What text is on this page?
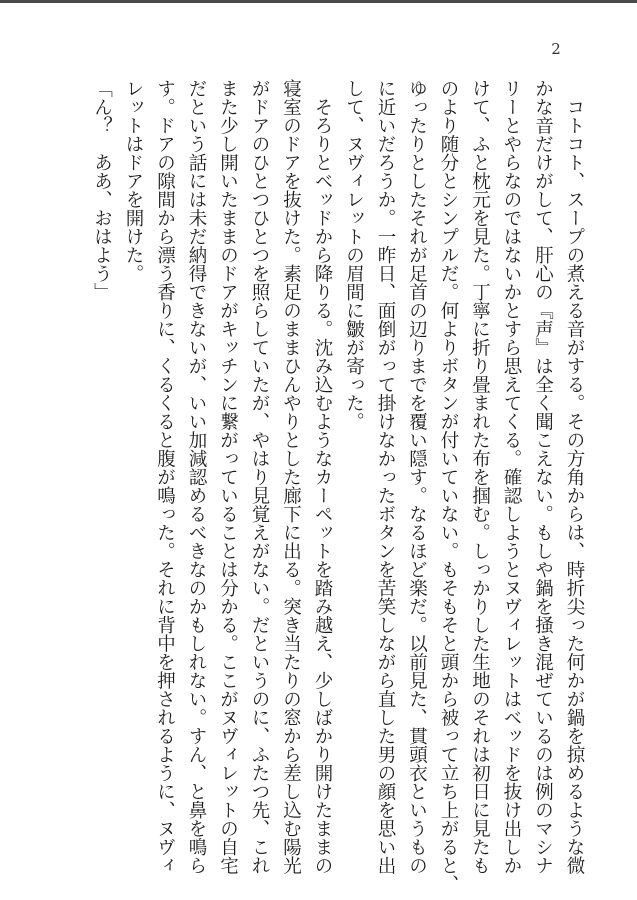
2
　コトコト、スープの煮える音がする。その方角からは、時折尖った何かが鍋を掠めるような微
かな音だけがして、肝心の『声』は全く聞こえない。もしや鍋を掻き混ぜているのは例のマシナ
リーとやらなのではないかとすら思えてくる。確認しようとヌヴィレットはベッドを抜け出しか
けて、ふと枕元を見た。丁寧に折り畳まれた布を掴む。しっかりした生地のそれは初日に見たも
のより随分とシンプルだ。何よりボタンが付いていない。もそもそと頭から被って立ち上がると、
ゆったりとしたそれが足首の辺りまでを覆い隠す。なるほど楽だ。以前見た、貫頭衣というもの
に近いだろうか。一昨日、面倒がって掛けなかったボタンを苦笑しながら直した男の顔を思い出
して、ヌヴィレットの眉間に皺が寄った。
　そろりとベッドから降りる。沈み込むようなカーペットを踏み越え、少しばかり開けたままの
寝室のドアを抜けた。素足のままひんやりとした廊下に出る。突き当たりの窓から差し込む陽光
がドアのひとつひとつを照らしていたが、やはり見覚えがない。だというのに、ふたつ先、これ
また少し開いたままのドアがキッチンに繋がっていることは分かる。ここがヌヴィレットの自宅
だという話には未だ納得できないが、いい加減認めるべきなのかもしれない。すん、と鼻を鳴ら
す。ドアの隙間から漂う香りに、くるくると腹が鳴った。それに背中を押されるように、ヌヴィ
レットはドアを開けた。
「ん？　ああ、おはよう」
